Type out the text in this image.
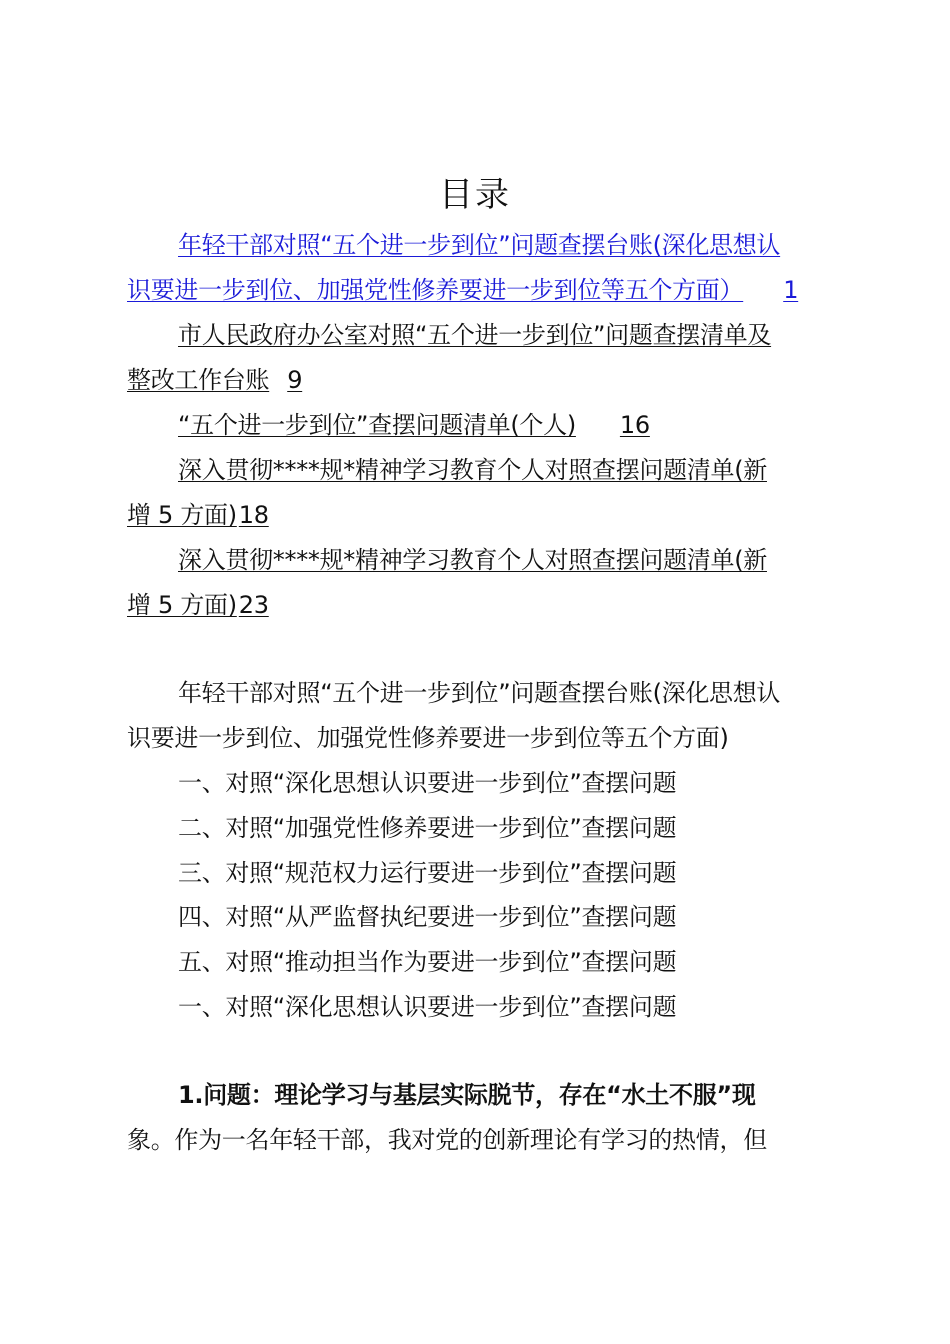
目录
年轻干部对照“五个进一步到位”问题查摆台账(深化思想认
识要进一步到位、加强党性修养要进一步到位等五个方面） 1
市人民政府办公室对照“五个进一步到位”问题查摆清单及
整改工作台账 9
“五个进一步到位”查摆问题清单(个人) 16
深入贯彻****规*精神学习教育个人对照查摆问题清单(新
增 5 方面)18
深入贯彻****规*精神学习教育个人对照查摆问题清单(新
增 5 方面)23
年轻干部对照“五个进一步到位”问题查摆台账(深化思想认
识要进一步到位、加强党性修养要进一步到位等五个方面)
一、对照“深化思想认识要进一步到位”查摆问题
二、对照“加强党性修养要进一步到位”查摆问题
三、对照“规范权力运行要进一步到位”查摆问题
四、对照“从严监督执纪要进一步到位”查摆问题
五、对照“推动担当作为要进一步到位”查摆问题
一、对照“深化思想认识要进一步到位”查摆问题
1.问题：理论学习与基层实际脱节，存在“水土不服”现
象。作为一名年轻干部，我对党的创新理论有学习的热情，但
